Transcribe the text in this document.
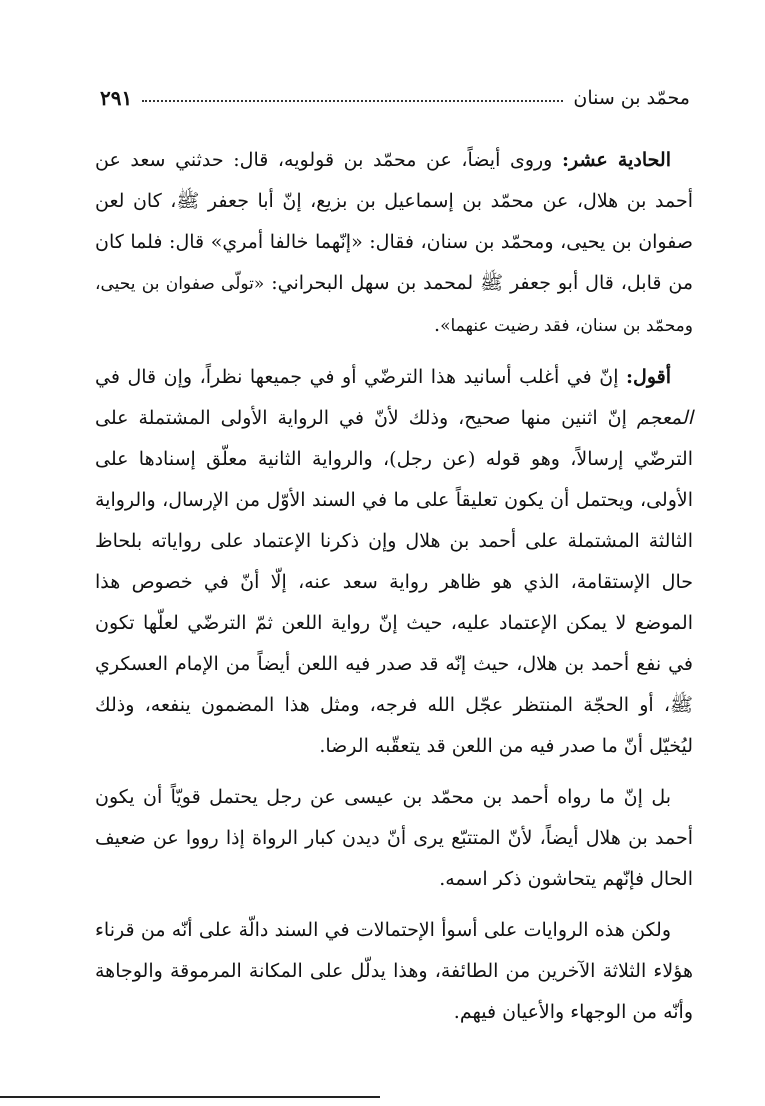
محمّد بن سنان
٢٩١

الحادية عشر: وروى أيضاً، عن محمّد بن قولويه، قال: حدثني سعد عن أحمد بن هلال، عن محمّد بن إسماعيل بن بزيع، إنّ أبا جعفر ﷺ، كان لعن صفوان بن يحيى، ومحمّد بن سنان، فقال: «إنّهما خالفا أمري» قال: فلما كان من قابل، قال أبو جعفر ﷺ لمحمد بن سهل البحراني: «تولّى صفوان بن يحيى، ومحمّد بن سنان، فقد رضيت عنهما».

أقول: إنّ في أغلب أسانيد هذا الترضّي أو في جميعها نظراً، وإن قال في المعجم إنّ اثنين منها صحيح، وذلك لأنّ في الرواية الأولى المشتملة على الترضّي إرسالاً، وهو قوله (عن رجل)، والرواية الثانية معلّق إسنادها على الأولى، ويحتمل أن يكون تعليقاً على ما في السند الأوّل من الإرسال، والرواية الثالثة المشتملة على أحمد بن هلال وإن ذكرنا الإعتماد على رواياته بلحاظ حال الإستقامة، الذي هو ظاهر رواية سعد عنه، إلّا أنّ في خصوص هذا الموضع لا يمكن الإعتماد عليه، حيث إنّ رواية اللعن ثمّ الترضّي لعلّها تكون في نفع أحمد بن هلال، حيث إنّه قد صدر فيه اللعن أيضاً من الإمام العسكري ﷺ، أو الحجّة المنتظر عجّل الله فرجه، ومثل هذا المضمون ينفعه، وذلك ليُخيّل أنّ ما صدر فيه من اللعن قد يتعقّبه الرضا.

بل إنّ ما رواه أحمد بن محمّد بن عيسى عن رجل يحتمل قويّاً أن يكون أحمد بن هلال أيضاً، لأنّ المتتبّع يرى أنّ ديدن كبار الرواة إذا رووا عن ضعيف الحال فإنّهم يتحاشون ذكر اسمه.

ولكن هذه الروايات على أسوأ الإحتمالات في السند دالّة على أنّه من قرناء هؤلاء الثلاثة الآخرين من الطائفة، وهذا يدلّل على المكانة المرموقة والوجاهة وأنّه من الوجهاء والأعيان فيهم.
